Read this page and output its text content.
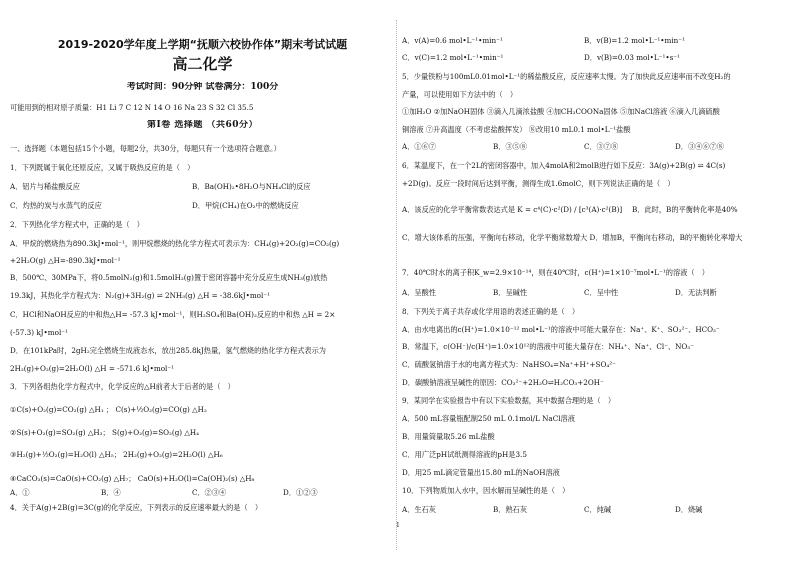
2019-2020学年度上学期“抚顺六校协作体”期末考试试题
高二化学
考试时间：90分钟 试卷满分：100分
可能用到的相对原子质量：H1 Li 7 C 12 N 14 O 16 Na 23 S 32 Cl 35.5
第Ⅰ卷 选择题 （共60分）
一、选择题（本题包括15个小题，每题2分，共30分，每题只有一个选项符合题意。）
1．下列既属于氧化还原反应，又属于吸热反应的是（　）
A．铝片与稀盐酸反应	B．Ba(OH)₂•8H₂O与NH₄Cl的反应
C．灼热的炭与水蒸气的反应	D．甲烷(CH₄)在O₂中的燃烧反应
2．下列热化学方程式中，正确的是（　）
A．甲烷的燃烧热为890.3kJ•mol⁻¹，则甲烷燃烧的热化学方程式可表示为：CH₄(g)+2O₂(g)=CO₂(g)
+2H₂O(g) △H=-890.3kJ•mol⁻¹
B．500℃、30MPa下，将0.5molN₂(g)和1.5molH₂(g)置于密闭容器中充分反应生成NH₃(g)放热
19.3kJ，其热化学方程式为：N₂(g)+3H₂(g) ⇌ 2NH₃(g) △H = -38.6kJ•mol⁻¹
C．HCl和NaOH反应的中和热△H= -57.3 kJ•mol⁻¹，则H₂SO₄和Ba(OH)₂反应的中和热 △H = 2×
(-57.3) kJ•mol⁻¹
D．在101kPa时，2gH₂完全燃烧生成液态水，放出285.8kJ热量，氢气燃烧的热化学方程式表示为
2H₂(g)+O₂(g)=2H₂O(l) △H = -571.6 kJ•mol⁻¹
3．下列各组热化学方程式中，化学反应的△H前者大于后者的是（　）
①C(s)+O₂(g)=CO₂(g) △H₁ ； C(s)+½O₂(g)=CO(g) △H₂
②S(s)+O₂(g)=SO₂(g) △H₃； S(g)+O₂(g)=SO₂(g) △H₄
③H₂(g)+½O₂(g)=H₂O(l) △H₅； 2H₂(g)+O₂(g)=2H₂O(l) △H₆
④CaCO₃(s)=CaO(s)+CO₂(g) △H₇； CaO(s)+H₂O(l)=Ca(OH)₂(s) △H₈
A．①	B．④	C．②③④	D．①②③
4．关于A(g)+2B(g)=3C(g)的化学反应，下列表示的反应速率最大的是（　）
1
A．v(A)=0.6 mol•L⁻¹•min⁻¹	B．v(B)=1.2 mol•L⁻¹•min⁻¹
C．v(C)=1.2 mol•L⁻¹•min⁻¹	D．v(B)=0.03 mol•L⁻¹•s⁻¹
5．少量铁粉与100mL0.01mol•L⁻¹的稀盐酸反应，反应速率太慢。为了加快此反应速率而不改变H₂的
产量，可以使用如下方法中的（　）
①加H₂O ②加NaOH固体 ③滴入几滴浓盐酸 ④加CH₃COONa固体 ⑤加NaCl溶液 ⑥滴入几滴硫酸
铜溶液 ⑦升高温度（不考虑盐酸挥发） ⑧改用10 mL0.1 mol•L⁻¹盐酸
A．①⑥⑦	B．③⑤⑧	C．③⑦⑧	D．③④⑥⑦⑧
6．某温度下，在一个2L的密闭容器中，加入4molA和2molB进行如下反应：3A(g)+2B(g) ⇌ 4C(s)
+2D(g)。反应一段时间后达到平衡，测得生成1.6molC，则下列说法正确的是（　）
A．该反应的化学平衡常数表达式是 K = c⁴(C)·c²(D) / [c³(A)·c²(B)] B．此时，B的平衡转化率是40%
C．增大该体系的压强，平衡向右移动，化学平衡常数增大 D．增加B，平衡向右移动，B的平衡转化率增大
7．40℃时水的离子积K_w=2.9×10⁻¹⁴，则在40℃时，c(H⁺)=1×10⁻⁷mol•L⁻¹的溶液（　）
A．呈酸性	B．呈碱性	C．呈中性	D．无法判断
8．下列关于离子共存或化学用语的表述正确的是（　）
A．由水电离出的c(H⁺)=1.0×10⁻¹² mol•L⁻¹的溶液中可能大量存在：Na⁺、K⁺、SO₃²⁻、HCO₃⁻
B．常温下，c(OH⁻)/c(H⁺)=1.0×10¹²的溶液中可能大量存在：NH₄⁺、Na⁺、Cl⁻、NO₃⁻
C．硫酸氢钠溶于水的电离方程式为：NaHSO₄=Na⁺+H⁺+SO₄²⁻
D．碳酸钠溶液呈碱性的原因：CO₃²⁻+2H₂O⇌H₂CO₃+2OH⁻
9．某同学在实验报告中有以下实验数据，其中数据合理的是（　）
A．500 mL容量瓶配制250 mL 0.1mol/L NaCl溶液
B．用量筒量取5.26 mL盐酸
C．用广泛pH试纸测得溶液的pH是3.5
D．用25 mL滴定管量出15.80 mL的NaOH溶液
10．下列物质加入水中，因水解而呈碱性的是（　）
A．生石灰	B．熟石灰	C．纯碱	D．烧碱
